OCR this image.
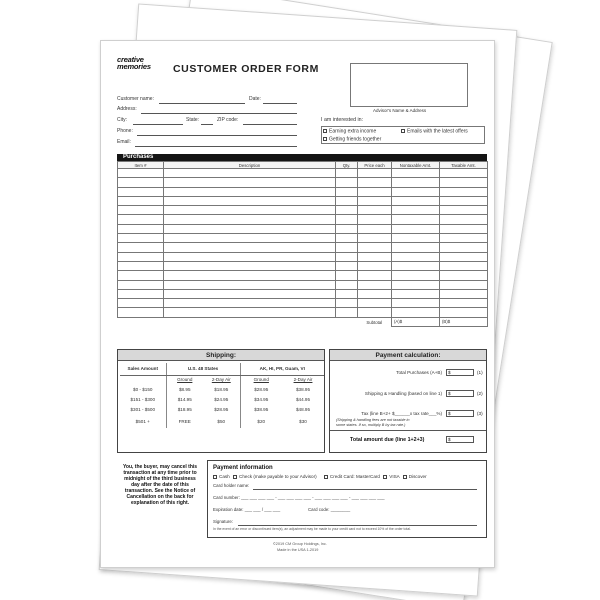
creative
memories CUSTOMER ORDER FORM
Advisor's Name & Address
Customer name:	Date:
Address:
City:	State:	ZIP code:
Phone:
Email:
I am interested in:
Earning extra income	Emails with the latest offers
Getting friends together
Purchases
Item #	Description	Qty.	Price each	Nontaxable Amt.	Taxable Amt.

			Subtotal	(A)$	(B)$
Shipping:
Sales Amount	U.S. 48 States		AK, HI, PR, Guam, VI	
	Ground	2-Day Air	Ground	2-Day Air
$0 - $150	$8.95	$18.95	$28.95	$38.95
$151 - $300	$14.95	$24.95	$34.95	$44.95
$301 - $500	$18.95	$28.95	$38.95	$48.95
$501 +	FREE	$50	$20	$30
Payment calculation:
Total Purchases (A+B)	$	(1)
Shipping & Handling (based on line 1)	$	(2)
Tax (line B+2+ $______x tax rate___%)	$	(3)
(Shipping & handling fees are not taxable in
some states. If so, multiply B by tax rate.)
Total amount due (line 1+2+3)	$
You, the buyer, may cancel this transaction at any time prior to midnight of the third business day after the date of this transaction. See the Notice of Cancellation on the back for explanation of this right.
Payment information
Cash Check (make payable to your Advisor)	Credit Card: MasterCard VISA Discover
Card holder name:
Card number: ___ ___ ___ ___ - ___ ___ ___ ___ - ___ ___ ___ ___ - ___ ___ ___ ___
Expiration date: ___ ___ / ___ ___	Card code: ________
Signature:
In the event of an error or discontinued item(s), an adjustment may be made to your credit card not to exceed 10% of the order total.
©2019 CM Group Holdings, Inc.
Made in the USA 1-2019
